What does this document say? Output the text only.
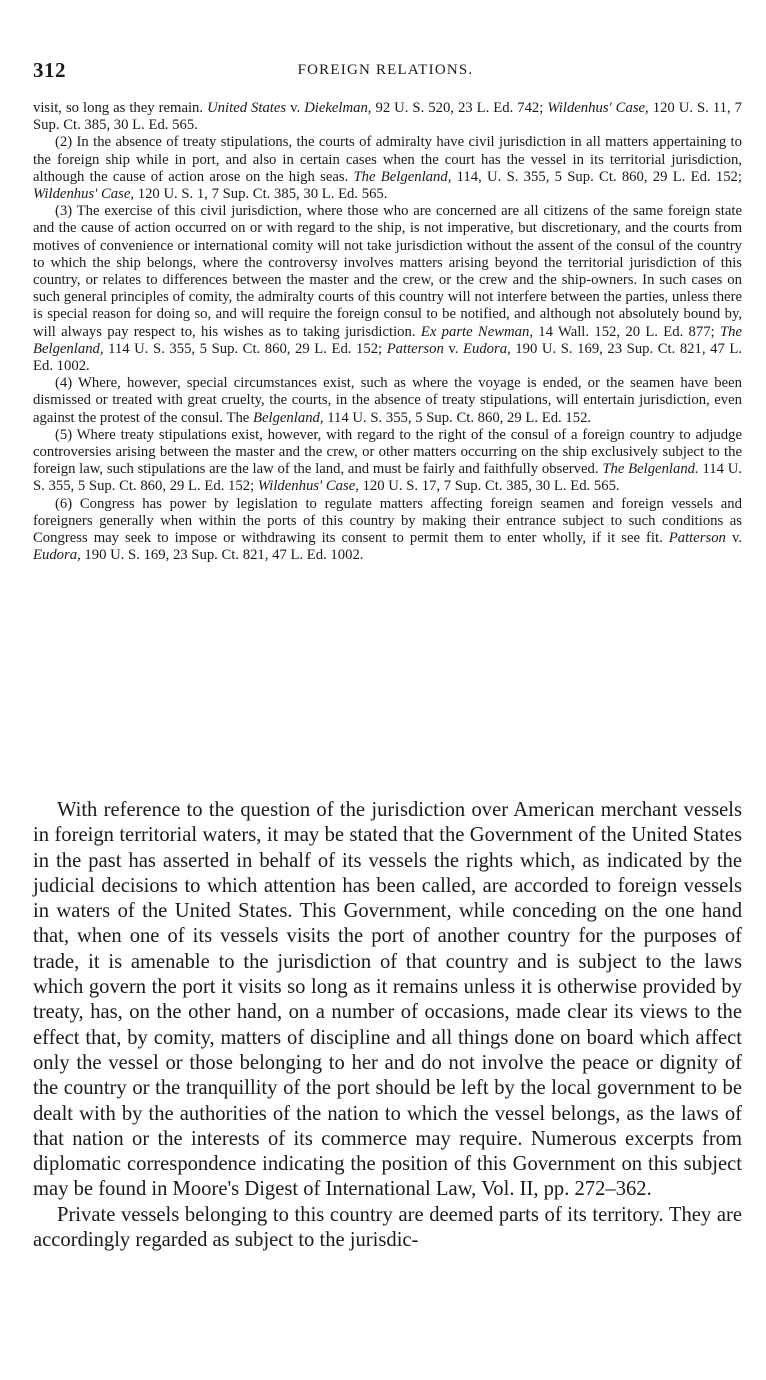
312	FOREIGN RELATIONS.

visit, so long as they remain. United States v. Diekelman, 92 U. S. 520, 23 L. Ed. 742; Wildenhus' Case, 120 U. S. 11, 7 Sup. Ct. 385, 30 L. Ed. 565.

(2) In the absence of treaty stipulations, the courts of admiralty have civil jurisdiction in all matters appertaining to the foreign ship while in port, and also in certain cases when the court has the vessel in its territorial jurisdiction, although the cause of action arose on the high seas. The Belgenland, 114, U. S. 355, 5 Sup. Ct. 860, 29 L. Ed. 152; Wildenhus' Case, 120 U. S. 1, 7 Sup. Ct. 385, 30 L. Ed. 565.

(3) The exercise of this civil jurisdiction, where those who are concerned are all citizens of the same foreign state and the cause of action occurred on or with regard to the ship, is not imperative, but discretionary, and the courts from motives of convenience or international comity will not take jurisdiction without the assent of the consul of the country to which the ship belongs, where the controversy involves matters arising beyond the territorial jurisdiction of this country, or relates to differences between the master and the crew, or the crew and the ship-owners. In such cases on such general principles of comity, the admiralty courts of this country will not interfere between the parties, unless there is special reason for doing so, and will require the foreign consul to be notified, and although not absolutely bound by, will always pay respect to, his wishes as to taking jurisdiction. Ex parte Newman, 14 Wall. 152, 20 L. Ed. 877; The Belgenland, 114 U. S. 355, 5 Sup. Ct. 860, 29 L. Ed. 152; Patterson v. Eudora, 190 U. S. 169, 23 Sup. Ct. 821, 47 L. Ed. 1002.

(4) Where, however, special circumstances exist, such as where the voyage is ended, or the seamen have been dismissed or treated with great cruelty, the courts, in the absence of treaty stipulations, will entertain jurisdiction, even against the protest of the consul. The Belgenland, 114 U. S. 355, 5 Sup. Ct. 860, 29 L. Ed. 152.

(5) Where treaty stipulations exist, however, with regard to the right of the consul of a foreign country to adjudge controversies arising between the master and the crew, or other matters occurring on the ship exclusively subject to the foreign law, such stipulations are the law of the land, and must be fairly and faithfully observed. The Belgenland. 114 U. S. 355, 5 Sup. Ct. 860, 29 L. Ed. 152; Wildenhus' Case, 120 U. S. 17, 7 Sup. Ct. 385, 30 L. Ed. 565.

(6) Congress has power by legislation to regulate matters affecting foreign seamen and foreign vessels and foreigners generally when within the ports of this country by making their entrance subject to such conditions as Congress may seek to impose or withdrawing its consent to permit them to enter wholly, if it see fit. Patterson v. Eudora, 190 U. S. 169, 23 Sup. Ct. 821, 47 L. Ed. 1002.

With reference to the question of the jurisdiction over American merchant vessels in foreign territorial waters, it may be stated that the Government of the United States in the past has asserted in behalf of its vessels the rights which, as indicated by the judicial decisions to which attention has been called, are accorded to foreign vessels in waters of the United States. This Government, while conceding on the one hand that, when one of its vessels visits the port of another country for the purposes of trade, it is amenable to the jurisdiction of that country and is subject to the laws which govern the port it visits so long as it remains unless it is otherwise provided by treaty, has, on the other hand, on a number of occasions, made clear its views to the effect that, by comity, matters of discipline and all things done on board which affect only the vessel or those belonging to her and do not involve the peace or dignity of the country or the tranquillity of the port should be left by the local government to be dealt with by the authorities of the nation to which the vessel belongs, as the laws of that nation or the interests of its commerce may require. Numerous excerpts from diplomatic correspondence indicating the position of this Government on this subject may be found in Moore's Digest of International Law, Vol. II, pp. 272–362.

Private vessels belonging to this country are deemed parts of its territory. They are accordingly regarded as subject to the jurisdic-
